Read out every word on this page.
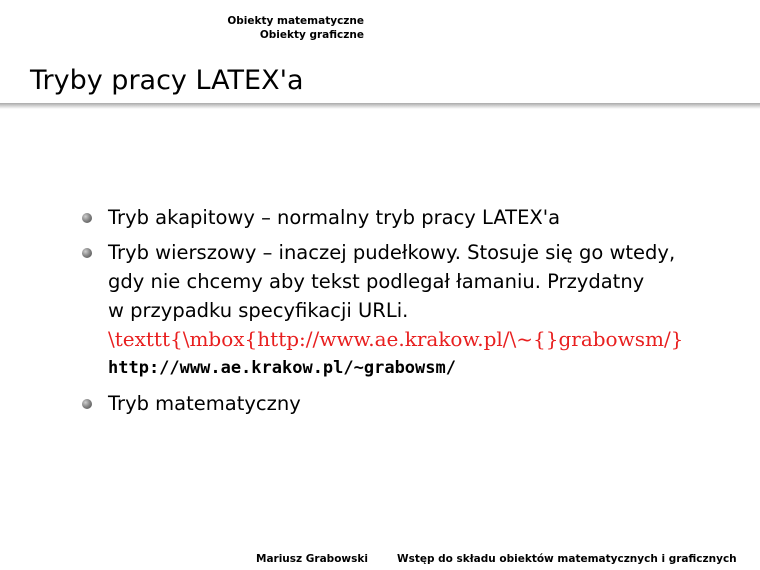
Obiekty matematyczne
Obiekty graficzne
Tryby pracy LATEX'a
Tryb akapitowy – normalny tryb pracy LATEX'a
Tryb wierszowy – inaczej pudełkowy. Stosuje się go wtedy,
gdy nie chcemy aby tekst podlegał łamaniu. Przydatny
w przypadku specyfikacji URLi.
\texttt{\mbox{http://www.ae.krakow.pl/\~{}grabowsm/}
http://www.ae.krakow.pl/~grabowsm/
Tryb matematyczny
Mariusz Grabowski	Wstęp do składu obiektów matematycznych i graficznych
